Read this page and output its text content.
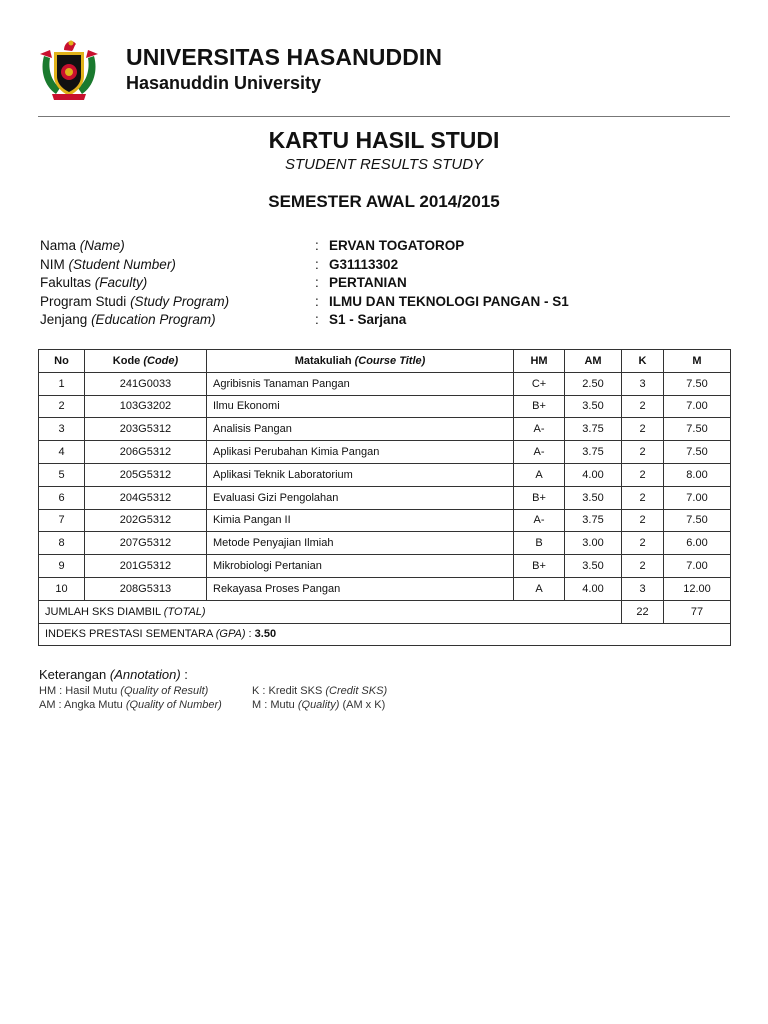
UNIVERSITAS HASANUDDIN
Hasanuddin University
KARTU HASIL STUDI
STUDENT RESULTS STUDY
SEMESTER AWAL 2014/2015
Nama (Name)	: ERVAN TOGATOROP
NIM (Student Number)	: G31113302
Fakultas (Faculty)	: PERTANIAN
Program Studi (Study Program)	: ILMU DAN TEKNOLOGI PANGAN - S1
Jenjang (Education Program)	: S1 - Sarjana
No	Kode (Code)	Matakuliah (Course Title)	HM	AM	K	M
1	241G0033	Agribisnis Tanaman Pangan	C+	2.50	3	7.50
2	103G3202	Ilmu Ekonomi	B+	3.50	2	7.00
3	203G5312	Analisis Pangan	A-	3.75	2	7.50
4	206G5312	Aplikasi Perubahan Kimia Pangan	A-	3.75	2	7.50
5	205G5312	Aplikasi Teknik Laboratorium	A	4.00	2	8.00
6	204G5312	Evaluasi Gizi Pengolahan	B+	3.50	2	7.00
7	202G5312	Kimia Pangan II	A-	3.75	2	7.50
8	207G5312	Metode Penyajian Ilmiah	B	3.00	2	6.00
9	201G5312	Mikrobiologi Pertanian	B+	3.50	2	7.00
10	208G5313	Rekayasa Proses Pangan	A	4.00	3	12.00
JUMLAH SKS DIAMBIL (TOTAL)					22	77
INDEKS PRESTASI SEMENTARA (GPA) : 3.50						
Keterangan (Annotation) :
HM : Hasil Mutu (Quality of Result)	K : Kredit SKS (Credit SKS)
AM : Angka Mutu (Quality of Number)	M : Mutu (Quality) (AM x K)
